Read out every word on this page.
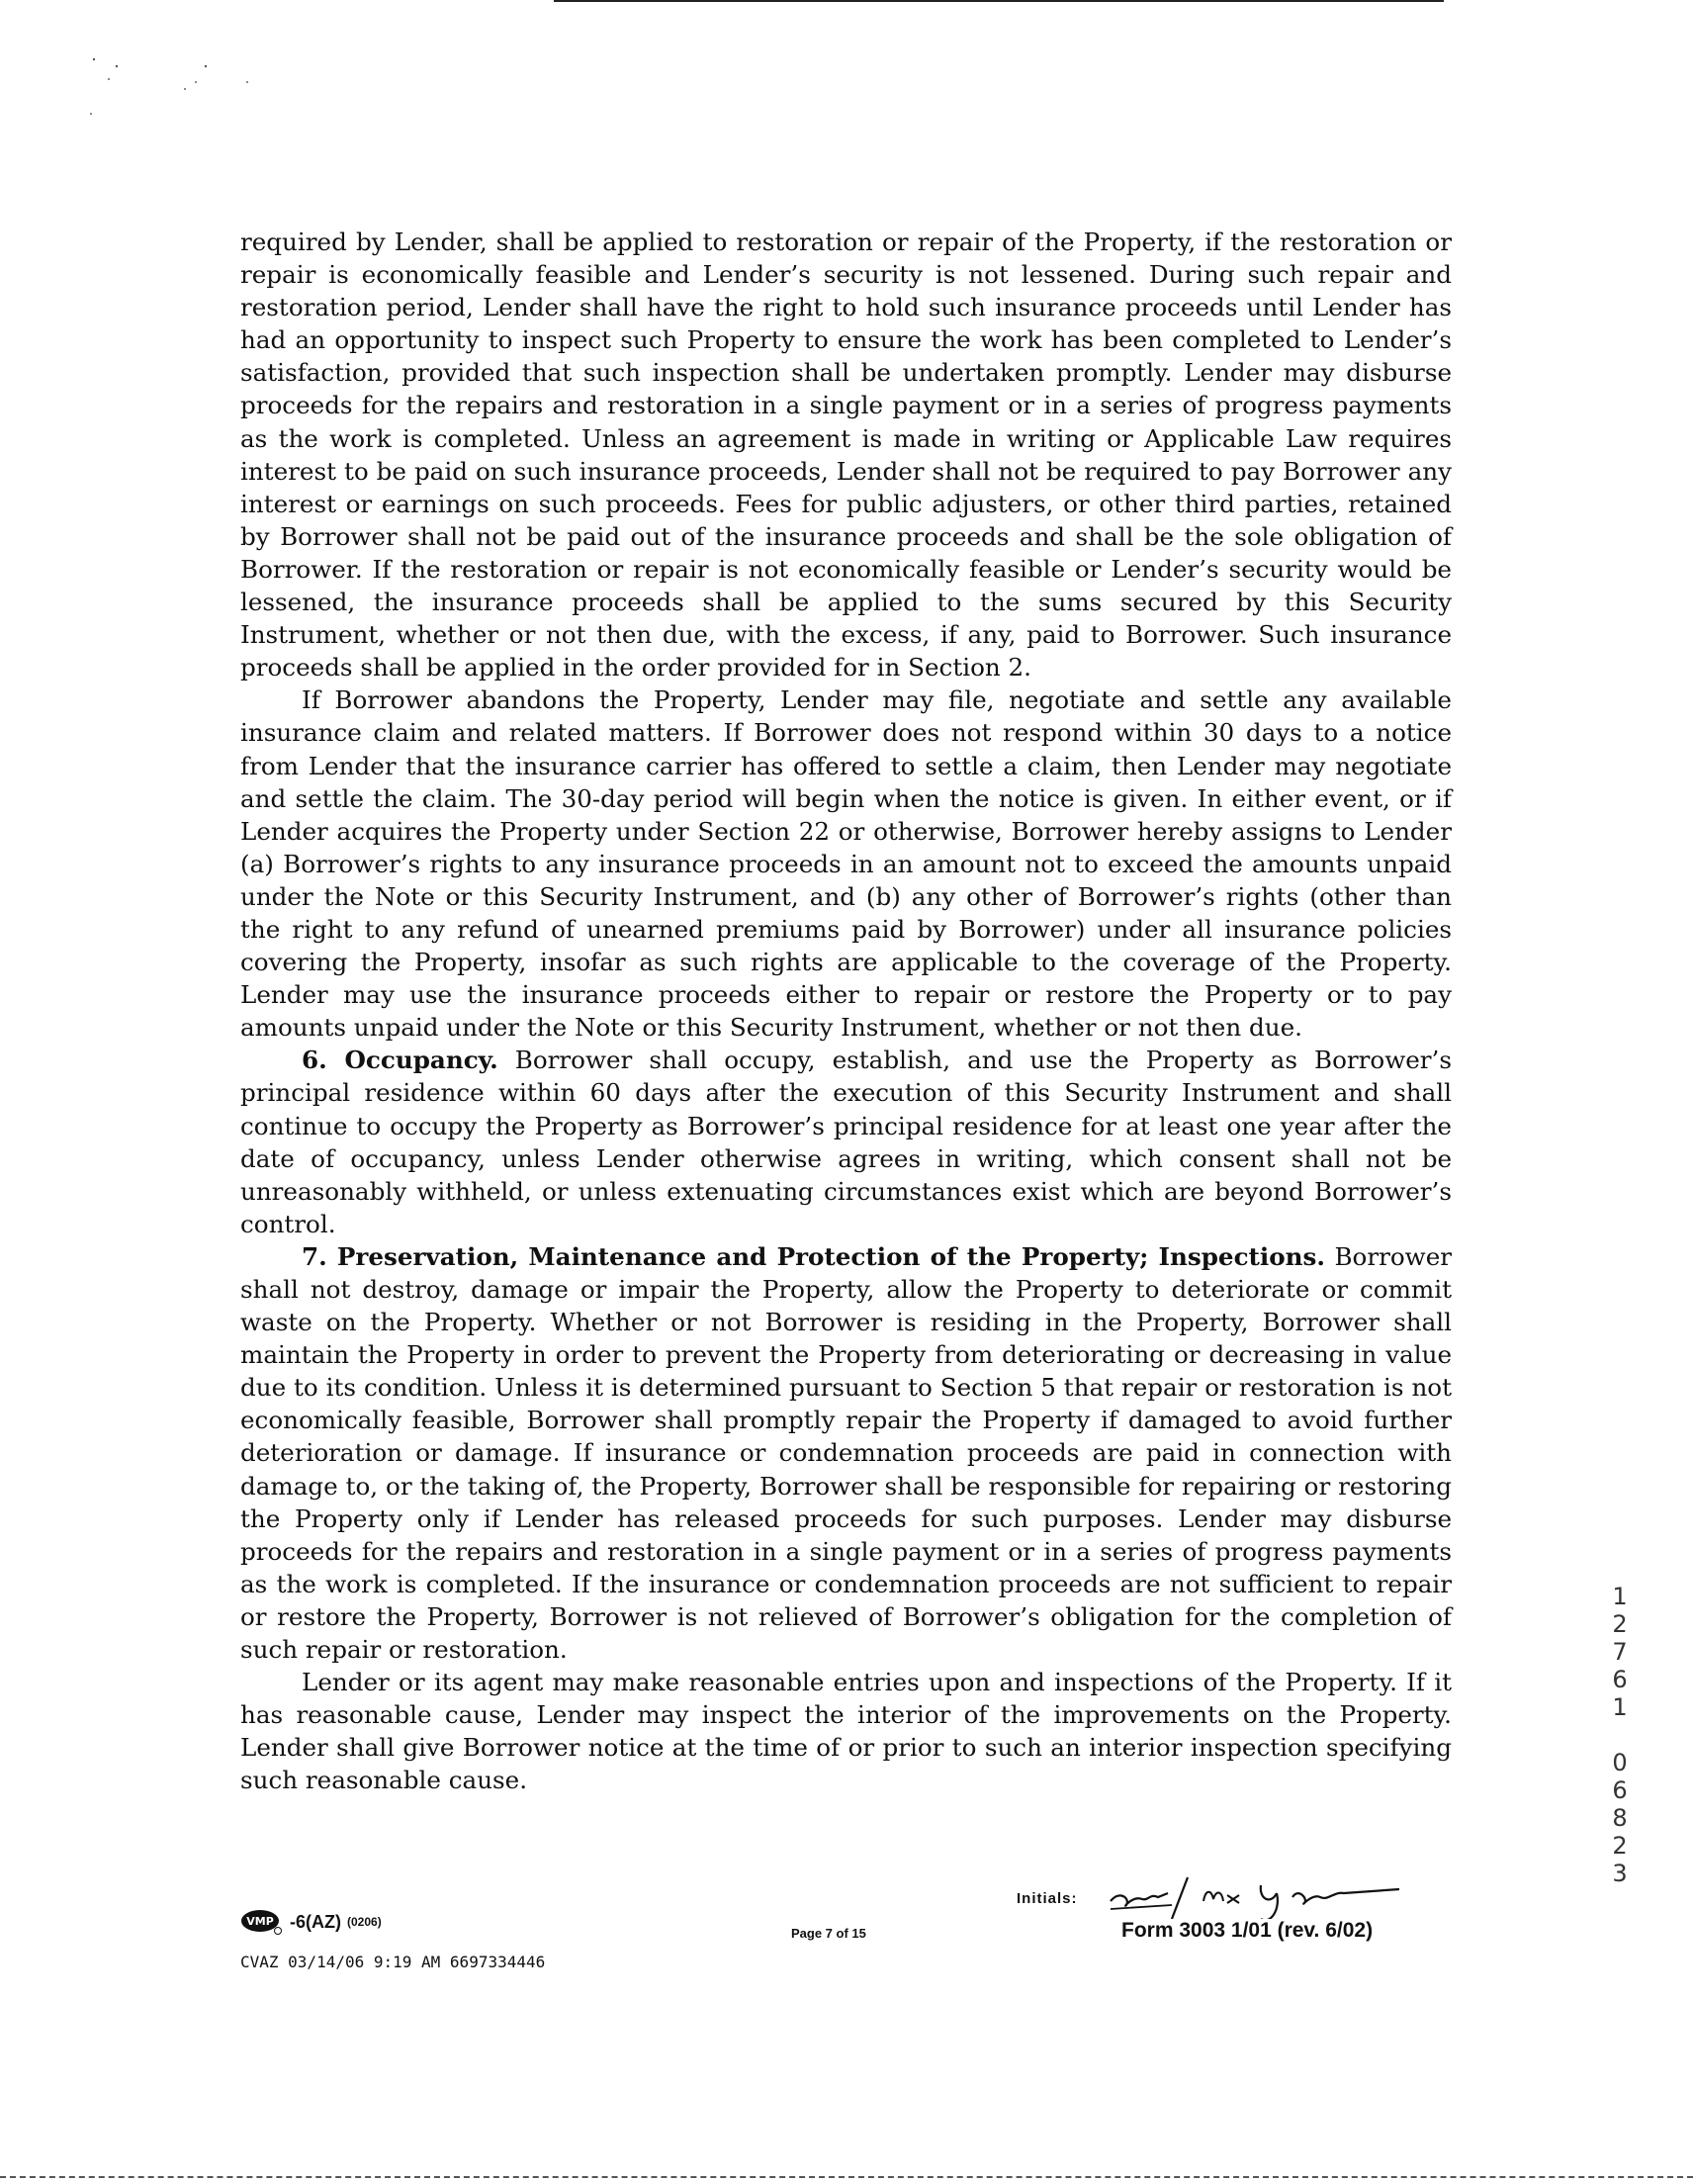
required by Lender, shall be applied to restoration or repair of the Property, if the restoration or repair is economically feasible and Lender’s security is not lessened. During such repair and restoration period, Lender shall have the right to hold such insurance proceeds until Lender has had an opportunity to inspect such Property to ensure the work has been completed to Lender’s satisfaction, provided that such inspection shall be undertaken promptly. Lender may disburse proceeds for the repairs and restoration in a single payment or in a series of progress payments as the work is completed. Unless an agreement is made in writing or Applicable Law requires interest to be paid on such insurance proceeds, Lender shall not be required to pay Borrower any interest or earnings on such proceeds. Fees for public adjusters, or other third parties, retained by Borrower shall not be paid out of the insurance proceeds and shall be the sole obligation of Borrower. If the restoration or repair is not economically feasible or Lender’s security would be lessened, the insurance proceeds shall be applied to the sums secured by this Security Instrument, whether or not then due, with the excess, if any, paid to Borrower. Such insurance proceeds shall be applied in the order provided for in Section 2.

If Borrower abandons the Property, Lender may file, negotiate and settle any available insurance claim and related matters. If Borrower does not respond within 30 days to a notice from Lender that the insurance carrier has offered to settle a claim, then Lender may negotiate and settle the claim. The 30-day period will begin when the notice is given. In either event, or if Lender acquires the Property under Section 22 or otherwise, Borrower hereby assigns to Lender (a) Borrower’s rights to any insurance proceeds in an amount not to exceed the amounts unpaid under the Note or this Security Instrument, and (b) any other of Borrower’s rights (other than the right to any refund of unearned premiums paid by Borrower) under all insurance policies covering the Property, insofar as such rights are applicable to the coverage of the Property. Lender may use the insurance proceeds either to repair or restore the Property or to pay amounts unpaid under the Note or this Security Instrument, whether or not then due.

6. Occupancy. Borrower shall occupy, establish, and use the Property as Borrower’s principal residence within 60 days after the execution of this Security Instrument and shall continue to occupy the Property as Borrower’s principal residence for at least one year after the date of occupancy, unless Lender otherwise agrees in writing, which consent shall not be unreasonably withheld, or unless extenuating circumstances exist which are beyond Borrower’s control.

7. Preservation, Maintenance and Protection of the Property; Inspections. Borrower shall not destroy, damage or impair the Property, allow the Property to deteriorate or commit waste on the Property. Whether or not Borrower is residing in the Property, Borrower shall maintain the Property in order to prevent the Property from deteriorating or decreasing in value due to its condition. Unless it is determined pursuant to Section 5 that repair or restoration is not economically feasible, Borrower shall promptly repair the Property if damaged to avoid further deterioration or damage. If insurance or condemnation proceeds are paid in connection with damage to, or the taking of, the Property, Borrower shall be responsible for repairing or restoring the Property only if Lender has released proceeds for such purposes. Lender may disburse proceeds for the repairs and restoration in a single payment or in a series of progress payments as the work is completed. If the insurance or condemnation proceeds are not sufficient to repair or restore the Property, Borrower is not relieved of Borrower’s obligation for the completion of such repair or restoration.

Lender or its agent may make reasonable entries upon and inspections of the Property. If it has reasonable cause, Lender may inspect the interior of the improvements on the Property. Lender shall give Borrower notice at the time of or prior to such an interior inspection specifying such reasonable cause.

VMP -6(AZ) (0206)
CVAZ 03/14/06 9:19 AM 6697334446
Page 7 of 15
Initials:
Form 3003 1/01 (rev. 6/02)
1
2
7
6
1
0
6
8
2
3
